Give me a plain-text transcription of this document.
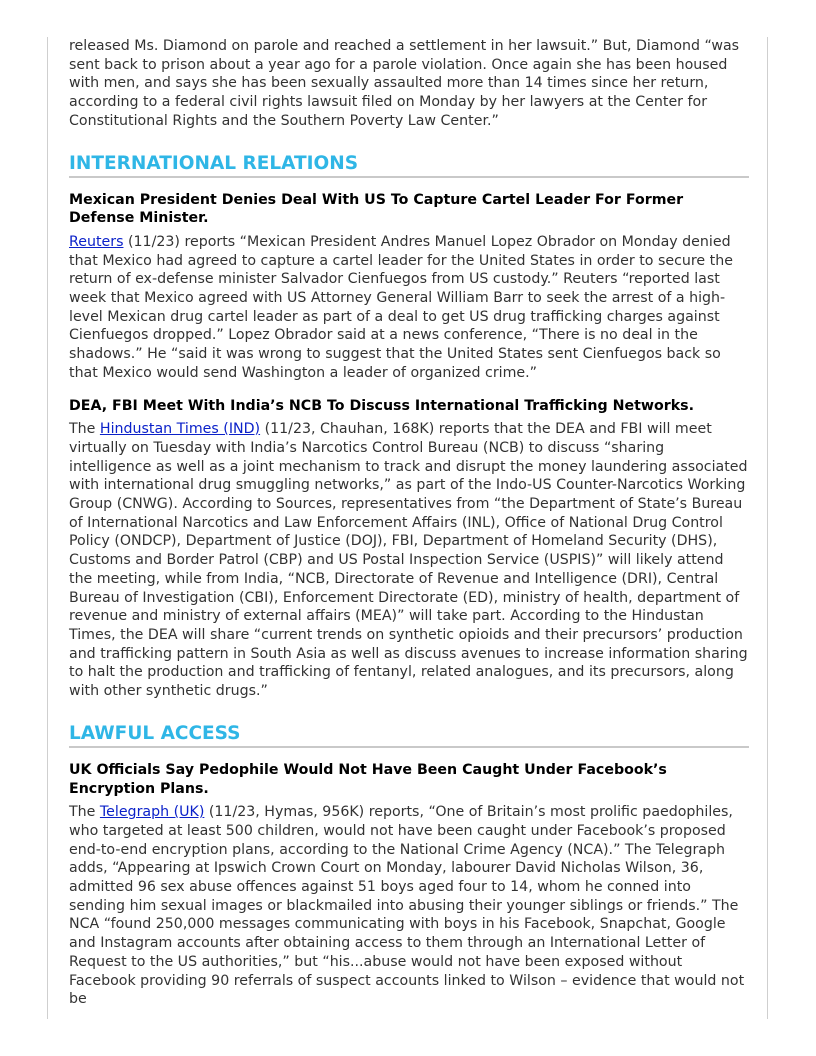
released Ms. Diamond on parole and reached a settlement in her lawsuit.” But, Diamond “was sent back to prison about a year ago for a parole violation. Once again she has been housed with men, and says she has been sexually assaulted more than 14 times since her return, according to a federal civil rights lawsuit filed on Monday by her lawyers at the Center for Constitutional Rights and the Southern Poverty Law Center.”

INTERNATIONAL RELATIONS
Mexican President Denies Deal With US To Capture Cartel Leader For Former Defense Minister.

Reuters (11/23) reports “Mexican President Andres Manuel Lopez Obrador on Monday denied that Mexico had agreed to capture a cartel leader for the United States in order to secure the return of ex-defense minister Salvador Cienfuegos from US custody.” Reuters “reported last week that Mexico agreed with US Attorney General William Barr to seek the arrest of a high-level Mexican drug cartel leader as part of a deal to get US drug trafficking charges against Cienfuegos dropped.” Lopez Obrador said at a news conference, “There is no deal in the shadows.” He “said it was wrong to suggest that the United States sent Cienfuegos back so that Mexico would send Washington a leader of organized crime.”

DEA, FBI Meet With India’s NCB To Discuss International Trafficking Networks.

The Hindustan Times (IND) (11/23, Chauhan, 168K) reports that the DEA and FBI will meet virtually on Tuesday with India’s Narcotics Control Bureau (NCB) to discuss “sharing intelligence as well as a joint mechanism to track and disrupt the money laundering associated with international drug smuggling networks,” as part of the Indo-US Counter-Narcotics Working Group (CNWG). According to Sources, representatives from “the Department of State’s Bureau of International Narcotics and Law Enforcement Affairs (INL), Office of National Drug Control Policy (ONDCP), Department of Justice (DOJ), FBI, Department of Homeland Security (DHS), Customs and Border Patrol (CBP) and US Postal Inspection Service (USPIS)” will likely attend the meeting, while from India, “NCB, Directorate of Revenue and Intelligence (DRI), Central Bureau of Investigation (CBI), Enforcement Directorate (ED), ministry of health, department of revenue and ministry of external affairs (MEA)” will take part. According to the Hindustan Times, the DEA will share “current trends on synthetic opioids and their precursors’ production and trafficking pattern in South Asia as well as discuss avenues to increase information sharing to halt the production and trafficking of fentanyl, related analogues, and its precursors, along with other synthetic drugs.”

LAWFUL ACCESS
UK Officials Say Pedophile Would Not Have Been Caught Under Facebook’s Encryption Plans.

The Telegraph (UK) (11/23, Hymas, 956K) reports, “One of Britain’s most prolific paedophiles, who targeted at least 500 children, would not have been caught under Facebook’s proposed end-to-end encryption plans, according to the National Crime Agency (NCA).” The Telegraph adds, “Appearing at Ipswich Crown Court on Monday, labourer David Nicholas Wilson, 36, admitted 96 sex abuse offences against 51 boys aged four to 14, whom he conned into sending him sexual images or blackmailed into abusing their younger siblings or friends.” The NCA “found 250,000 messages communicating with boys in his Facebook, Snapchat, Google and Instagram accounts after obtaining access to them through an International Letter of Request to the US authorities,” but “his...abuse would not have been exposed without Facebook providing 90 referrals of suspect accounts linked to Wilson – evidence that would not be
